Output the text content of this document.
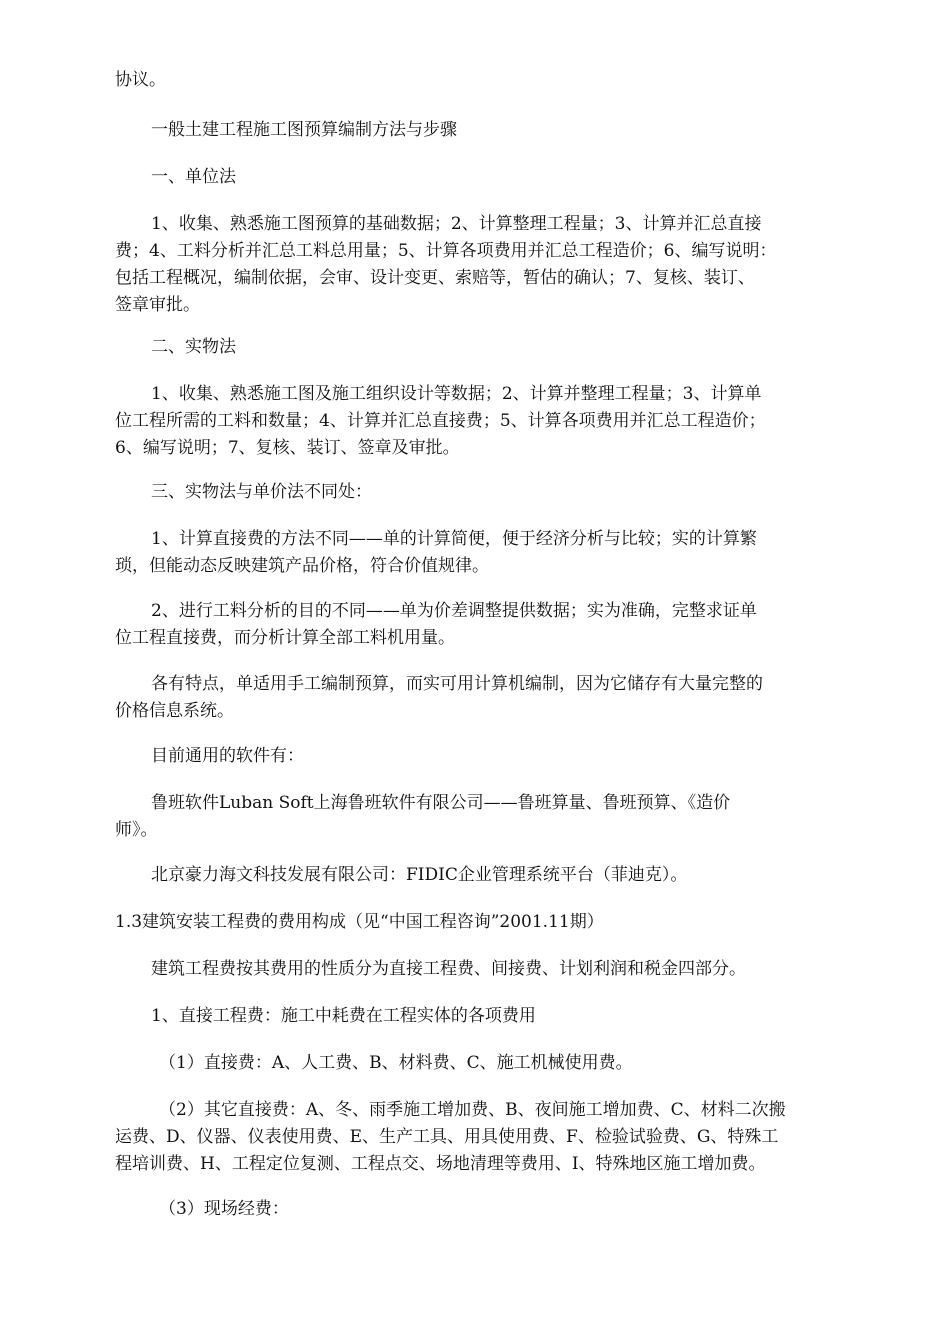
协议。

一般土建工程施工图预算编制方法与步骤

一、单位法

1、收集、熟悉施工图预算的基础数据；2、计算整理工程量；3、计算并汇总直接
费；4、工料分析并汇总工料总用量；5、计算各项费用并汇总工程造价；6、编写说明：
包括工程概况，编制依据，会审、设计变更、索赔等，暂估的确认；7、复核、装订、
签章审批。

二、实物法

1、收集、熟悉施工图及施工组织设计等数据；2、计算并整理工程量；3、计算单
位工程所需的工料和数量；4、计算并汇总直接费；5、计算各项费用并汇总工程造价；
6、编写说明；7、复核、装订、签章及审批。

三、实物法与单价法不同处：

1、计算直接费的方法不同——单的计算简便，便于经济分析与比较；实的计算繁
琐，但能动态反映建筑产品价格，符合价值规律。

2、进行工料分析的目的不同——单为价差调整提供数据；实为准确，完整求证单
位工程直接费，而分析计算全部工料机用量。

各有特点，单适用手工编制预算，而实可用计算机编制，因为它储存有大量完整的
价格信息系统。

目前通用的软件有：

鲁班软件Luban Soft上海鲁班软件有限公司——鲁班算量、鲁班预算、《造价
师》。

北京豪力海文科技发展有限公司：FIDIC企业管理系统平台（菲迪克）。

1.3建筑安装工程费的费用构成（见“中国工程咨询”2001.11期）

建筑工程费按其费用的性质分为直接工程费、间接费、计划利润和税金四部分。

1、直接工程费：施工中耗费在工程实体的各项费用

（1）直接费：A、人工费、B、材料费、C、施工机械使用费。

（2）其它直接费：A、冬、雨季施工增加费、B、夜间施工增加费、C、材料二次搬
运费、D、仪器、仪表使用费、E、生产工具、用具使用费、F、检验试验费、G、特殊工
程培训费、H、工程定位复测、工程点交、场地清理等费用、I、特殊地区施工增加费。

（3）现场经费：
